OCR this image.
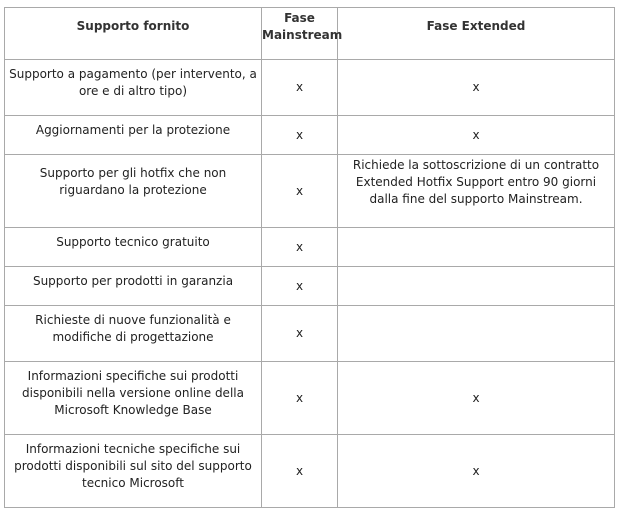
Supporto fornito	Fase Mainstream	Fase Extended
Supporto a pagamento (per intervento, a ore e di altro tipo)	x	x
Aggiornamenti per la protezione	x	x
Supporto per gli hotfix che non riguardano la protezione	x	Richiede la sottoscrizione di un contratto Extended Hotfix Support entro 90 giorni dalla fine del supporto Mainstream.
Supporto tecnico gratuito	x	
Supporto per prodotti in garanzia	x	
Richieste di nuove funzionalità e modifiche di progettazione	x	
Informazioni specifiche sui prodotti disponibili nella versione online della Microsoft Knowledge Base	x	x
Informazioni tecniche specifiche sui prodotti disponibili sul sito del supporto tecnico Microsoft	x	x
